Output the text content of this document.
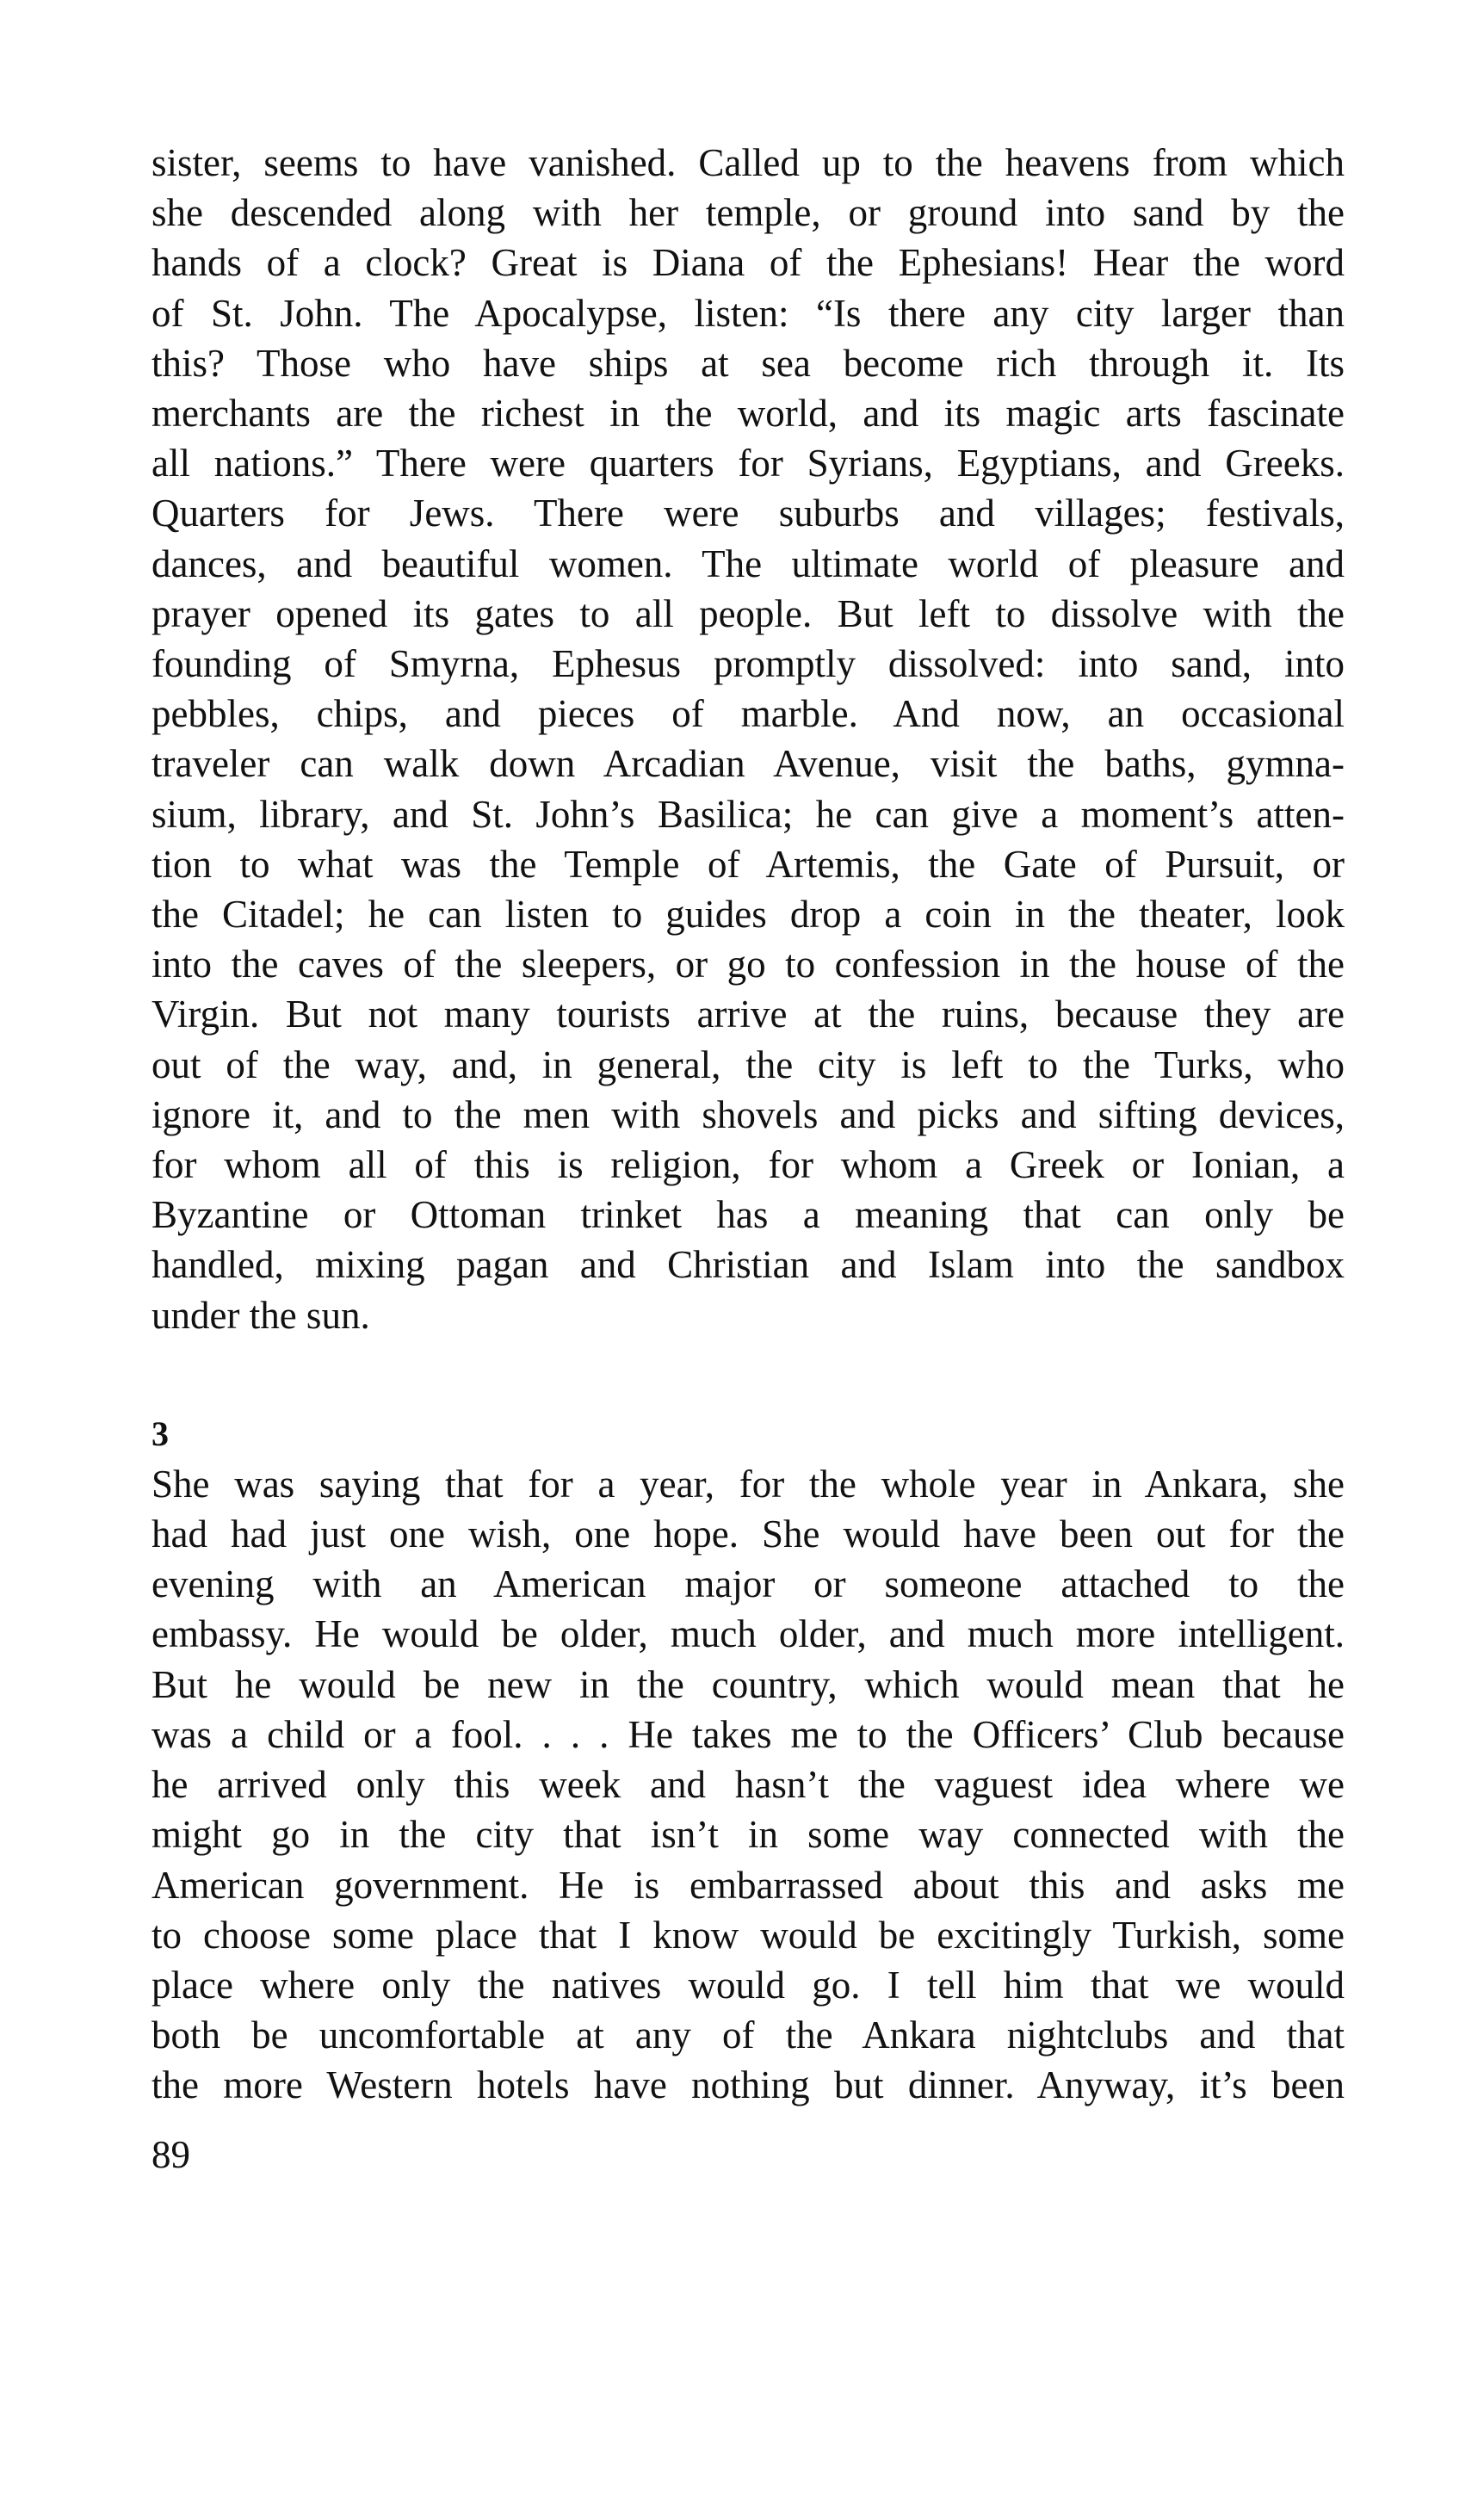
sister, seems to have vanished. Called up to the heavens from which
she descended along with her temple, or ground into sand by the
hands of a clock? Great is Diana of the Ephesians! Hear the word
of St. John. The Apocalypse, listen: “Is there any city larger than
this? Those who have ships at sea become rich through it. Its
merchants are the richest in the world, and its magic arts fascinate
all nations.” There were quarters for Syrians, Egyptians, and Greeks.
Quarters for Jews. There were suburbs and villages; festivals,
dances, and beautiful women. The ultimate world of pleasure and
prayer opened its gates to all people. But left to dissolve with the
founding of Smyrna, Ephesus promptly dissolved: into sand, into
pebbles, chips, and pieces of marble. And now, an occasional
traveler can walk down Arcadian Avenue, visit the baths, gymna-
sium, library, and St. John’s Basilica; he can give a moment’s atten-
tion to what was the Temple of Artemis, the Gate of Pursuit, or
the Citadel; he can listen to guides drop a coin in the theater, look
into the caves of the sleepers, or go to confession in the house of the
Virgin. But not many tourists arrive at the ruins, because they are
out of the way, and, in general, the city is left to the Turks, who
ignore it, and to the men with shovels and picks and sifting devices,
for whom all of this is religion, for whom a Greek or Ionian, a
Byzantine or Ottoman trinket has a meaning that can only be
handled, mixing pagan and Christian and Islam into the sandbox
under the sun.

3

She was saying that for a year, for the whole year in Ankara, she
had had just one wish, one hope. She would have been out for the
evening with an American major or someone attached to the
embassy. He would be older, much older, and much more intelligent.
But he would be new in the country, which would mean that he
was a child or a fool. . . . He takes me to the Officers’ Club because
he arrived only this week and hasn’t the vaguest idea where we
might go in the city that isn’t in some way connected with the
American government. He is embarrassed about this and asks me
to choose some place that I know would be excitingly Turkish, some
place where only the natives would go. I tell him that we would
both be uncomfortable at any of the Ankara nightclubs and that
the more Western hotels have nothing but dinner. Anyway, it’s been

89
